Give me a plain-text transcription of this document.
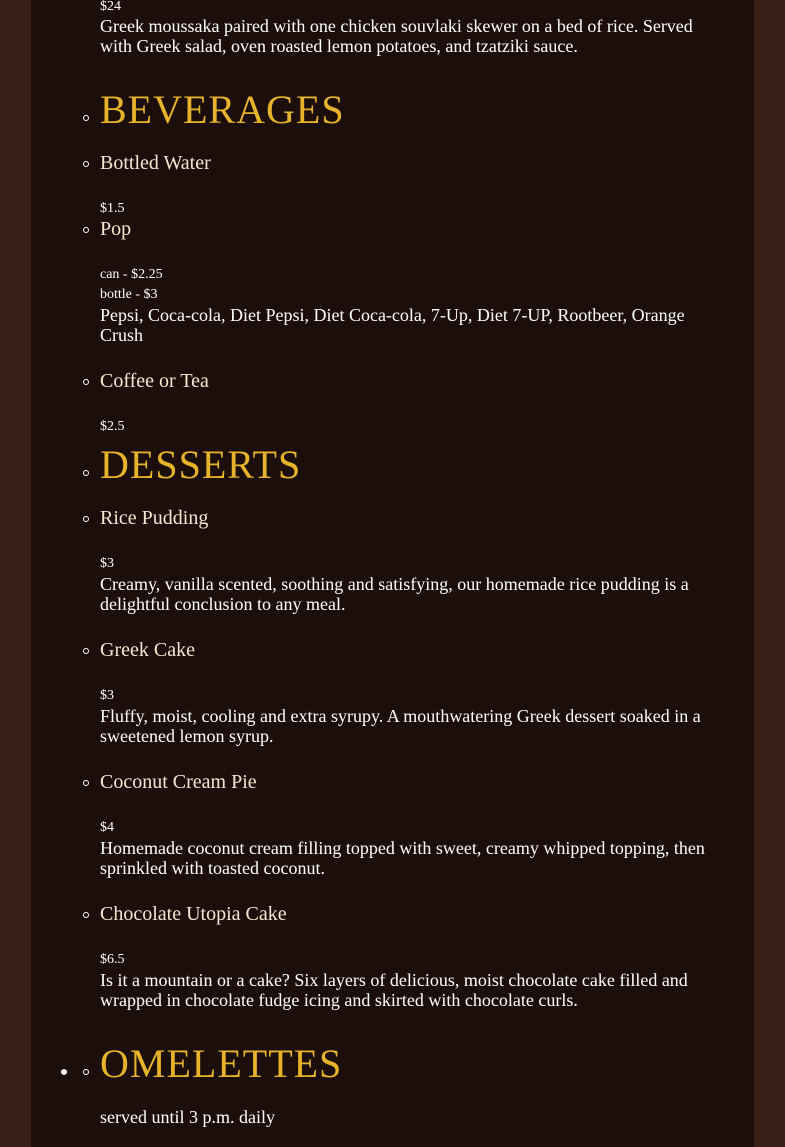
$24
Greek moussaka paired with one chicken souvlaki skewer on a bed of rice. Served with Greek salad, oven roasted lemon potatoes, and tzatziki sauce.
BEVERAGES
Bottled Water
$1.5
Pop
can - $2.25
bottle - $3
Pepsi, Coca-cola, Diet Pepsi, Diet Coca-cola, 7-Up, Diet 7-UP, Rootbeer, Orange Crush
Coffee or Tea
$2.5
DESSERTS
Rice Pudding
$3
Creamy, vanilla scented, soothing and satisfying, our homemade rice pudding is a delightful conclusion to any meal.
Greek Cake
$3
Fluffy, moist, cooling and extra syrupy. A mouthwatering Greek dessert soaked in a sweetened lemon syrup.
Coconut Cream Pie
$4
Homemade coconut cream filling topped with sweet, creamy whipped topping, then sprinkled with toasted coconut.
Chocolate Utopia Cake
$6.5
Is it a mountain or a cake? Six layers of delicious, moist chocolate cake filled and wrapped in chocolate fudge icing and skirted with chocolate curls.
OMELETTES
served until 3 p.m. daily
